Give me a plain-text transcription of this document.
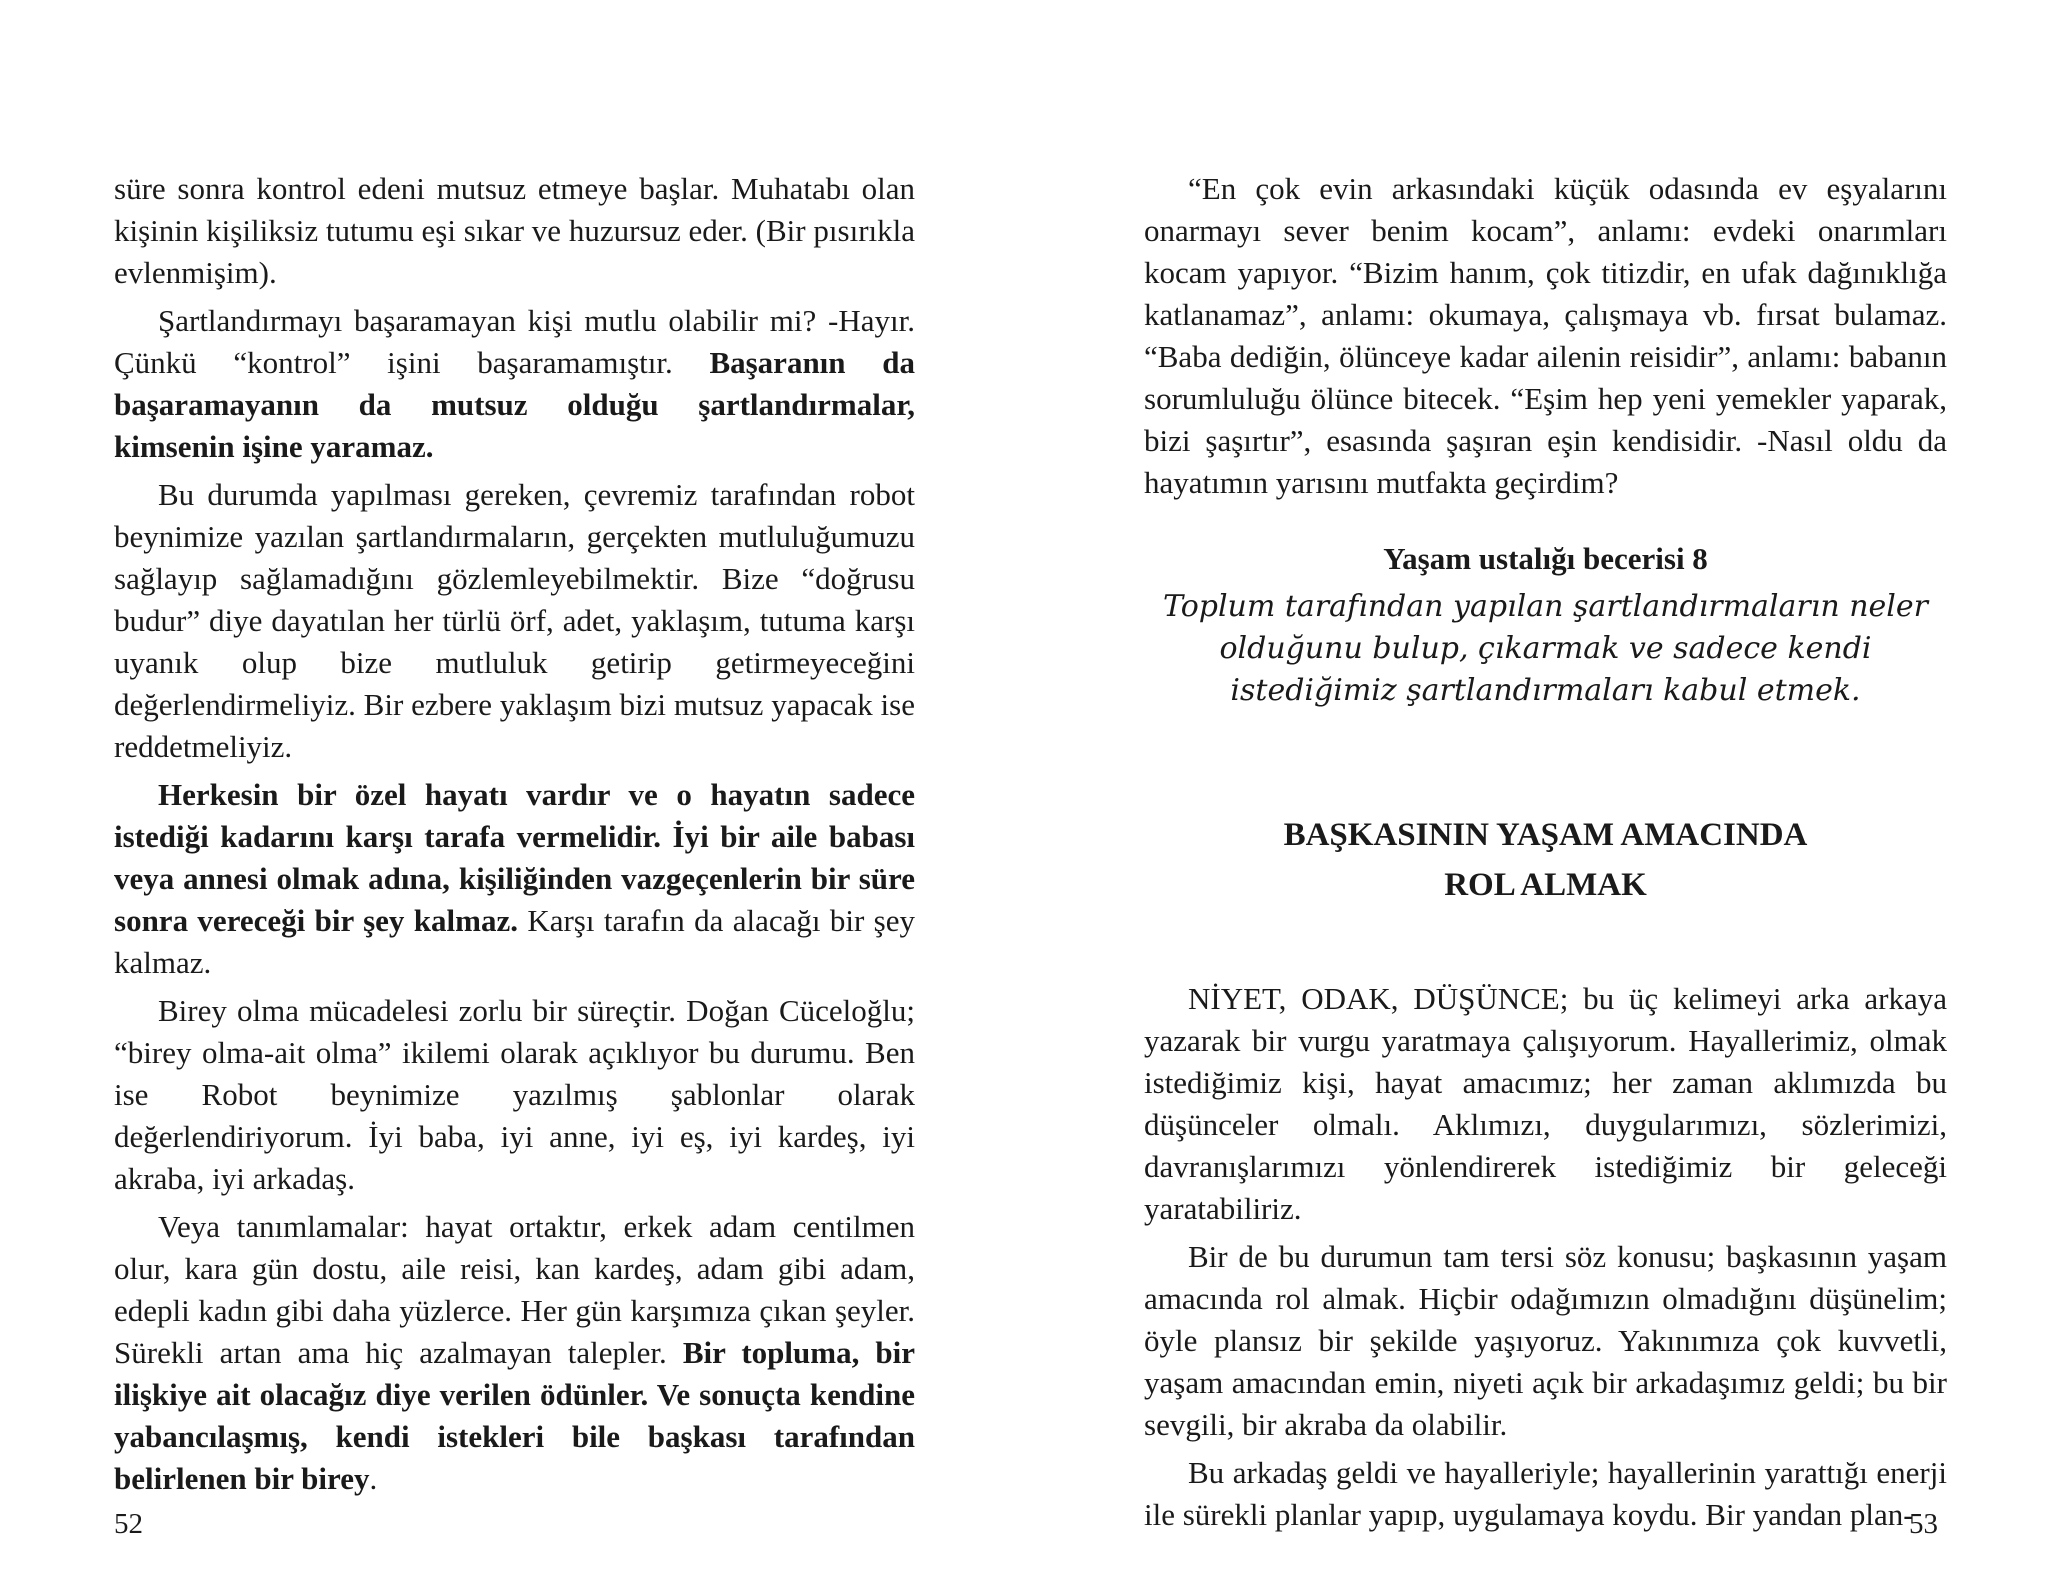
süre sonra kontrol edeni mutsuz etmeye başlar. Muhatabı olan kişinin kişiliksiz tutumu eşi sıkar ve huzursuz eder. (Bir pısırıkla evlenmişim).

Şartlandırmayı başaramayan kişi mutlu olabilir mi? -Hayır. Çünkü “kontrol” işini başaramamıştır. Başaranın da başaramayanın da mutsuz olduğu şartlandırmalar, kimsenin işine yaramaz.

Bu durumda yapılması gereken, çevremiz tarafından robot beynimize yazılan şartlandırmaların, gerçekten mutluluğumuzu sağlayıp sağlamadığını gözlemleyebilmektir. Bize “doğrusu budur” diye dayatılan her türlü örf, adet, yaklaşım, tutuma karşı uyanık olup bize mutluluk getirip getirmeyeceğini değerlendirmeliyiz. Bir ezbere yaklaşım bizi mutsuz yapacak ise reddetmeliyiz.

Herkesin bir özel hayatı vardır ve o hayatın sadece istediği kadarını karşı tarafa vermelidir. İyi bir aile babası veya annesi olmak adına, kişiliğinden vazgeçenlerin bir süre sonra vereceği bir şey kalmaz. Karşı tarafın da alacağı bir şey kalmaz.

Birey olma mücadelesi zorlu bir süreçtir. Doğan Cüceloğlu; “birey olma-ait olma” ikilemi olarak açıklıyor bu durumu. Ben ise Robot beynimize yazılmış şablonlar olarak değerlendiriyorum. İyi baba, iyi anne, iyi eş, iyi kardeş, iyi akraba, iyi arkadaş.

Veya tanımlamalar: hayat ortaktır, erkek adam centilmen olur, kara gün dostu, aile reisi, kan kardeş, adam gibi adam, edepli kadın gibi daha yüzlerce. Her gün karşımıza çıkan şeyler. Sürekli artan ama hiç azalmayan talepler. Bir topluma, bir ilişkiye ait olacağız diye verilen ödünler. Ve sonuçta kendine yabancılaşmış, kendi istekleri bile başkası tarafından belirlenen bir birey.

52

“En çok evin arkasındaki küçük odasında ev eşyalarını onarmayı sever benim kocam”, anlamı: evdeki onarımları kocam yapıyor. “Bizim hanım, çok titizdir, en ufak dağınıklığa katlanamaz”, anlamı: okumaya, çalışmaya vb. fırsat bulamaz. “Baba dediğin, ölünceye kadar ailenin reisidir”, anlamı: babanın sorumluluğu ölünce bitecek. “Eşim hep yeni yemekler yaparak, bizi şaşırtır”, esasında şaşıran eşin kendisidir. -Nasıl oldu da hayatımın yarısını mutfakta geçirdim?

Yaşam ustalığı becerisi 8

Toplum tarafından yapılan şartlandırmaların neler olduğunu bulup, çıkarmak ve sadece kendi istediğimiz şartlandırmaları kabul etmek.

BAŞKASININ YAŞAM AMACINDA
ROL ALMAK

NİYET, ODAK, DÜŞÜNCE; bu üç kelimeyi arka arkaya yazarak bir vurgu yaratmaya çalışıyorum. Hayallerimiz, olmak istediğimiz kişi, hayat amacımız; her zaman aklımızda bu düşünceler olmalı. Aklımızı, duygularımızı, sözlerimizi, davranışlarımızı yönlendirerek istediğimiz bir geleceği yaratabiliriz.

Bir de bu durumun tam tersi söz konusu; başkasının yaşam amacında rol almak. Hiçbir odağımızın olmadığını düşünelim; öyle plansız bir şekilde yaşıyoruz. Yakınımıza çok kuvvetli, yaşam amacından emin, niyeti açık bir arkadaşımız geldi; bu bir sevgili, bir akraba da olabilir.

Bu arkadaş geldi ve hayalleriyle; hayallerinin yarattığı enerji ile sürekli planlar yapıp, uygulamaya koydu. Bir yandan plan-

53
